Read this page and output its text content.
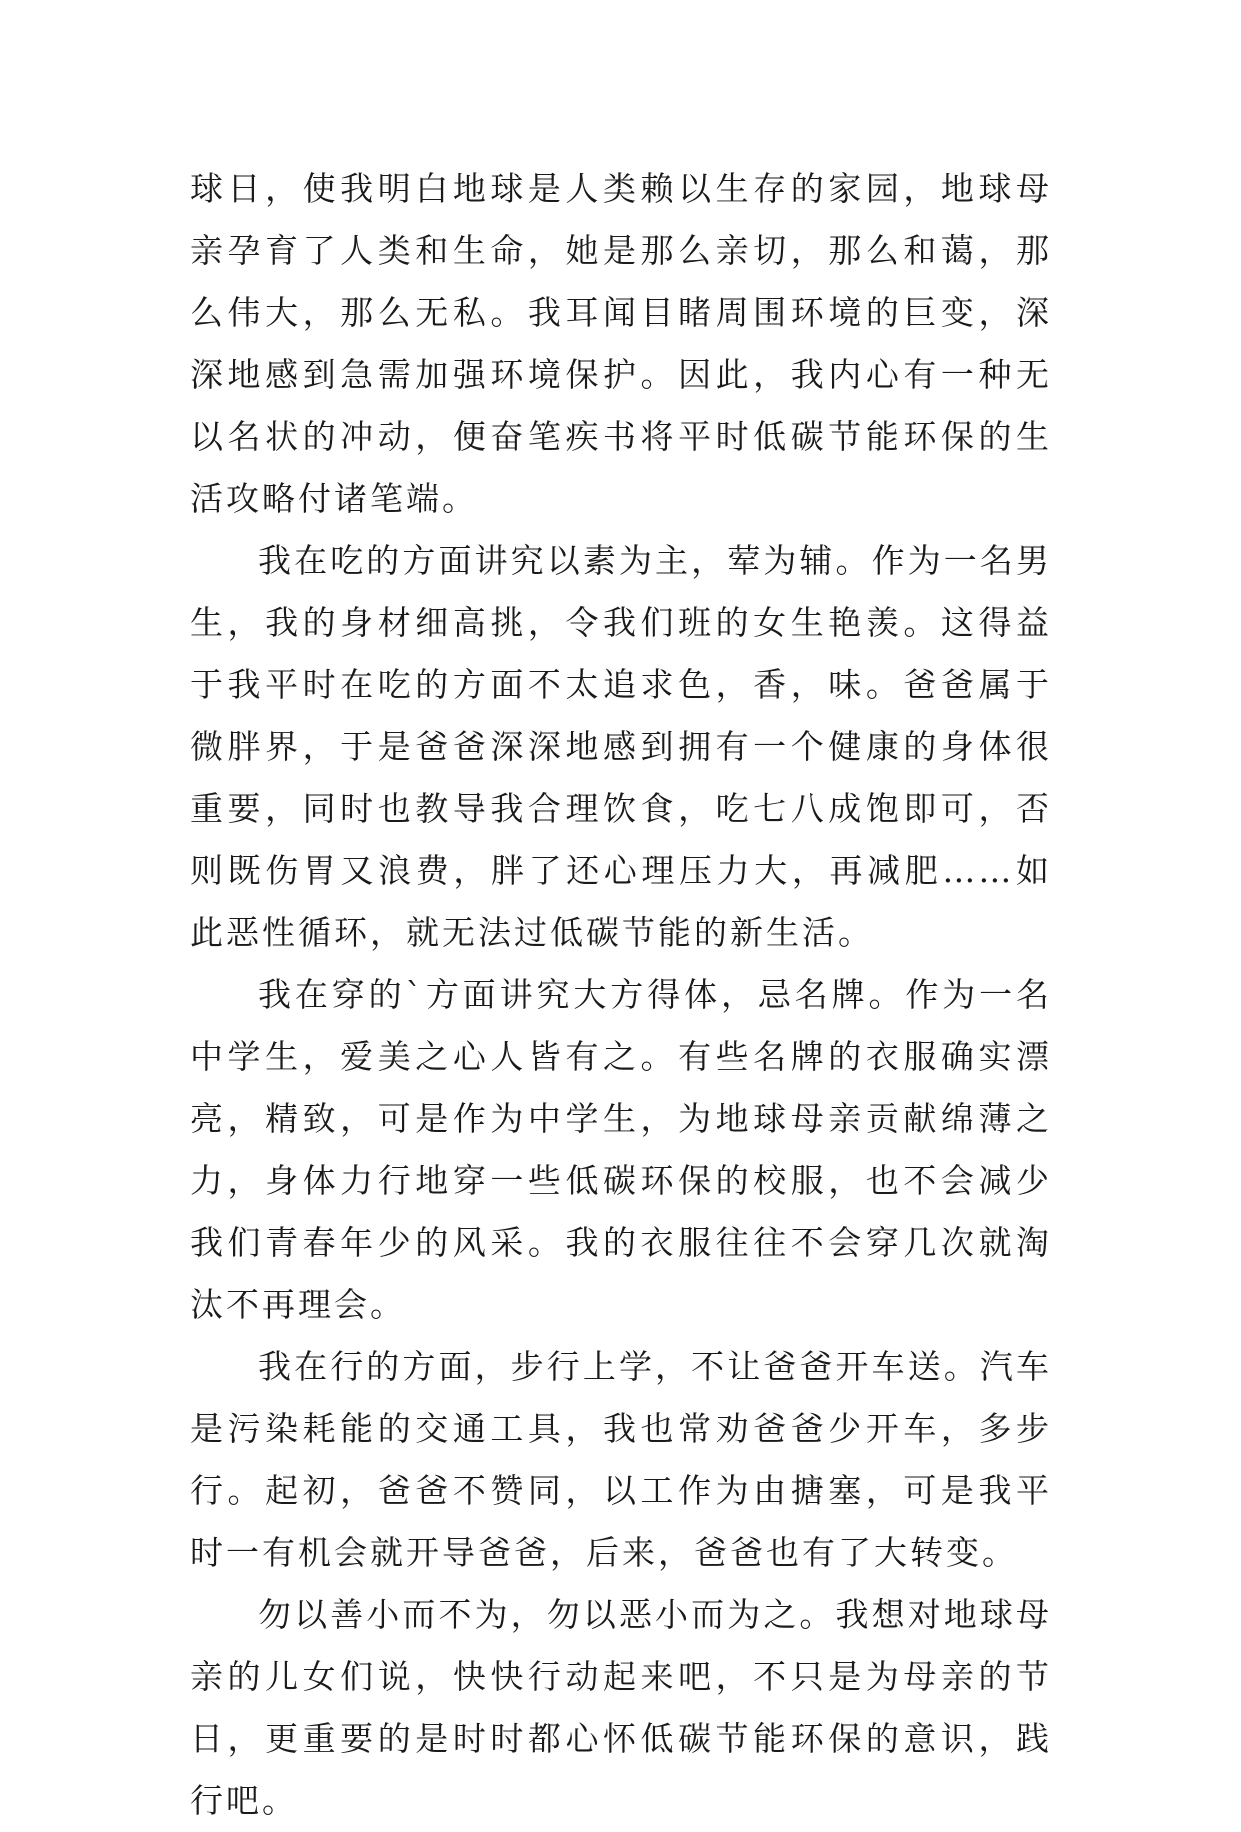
球日，使我明白地球是人类赖以生存的家园，地球母亲孕育了人类和生命，她是那么亲切，那么和蔼，那么伟大，那么无私。我耳闻目睹周围环境的巨变，深深地感到急需加强环境保护。因此，我内心有一种无以名状的冲动，便奋笔疾书将平时低碳节能环保的生活攻略付诸笔端。

我在吃的方面讲究以素为主，荤为辅。作为一名男生，我的身材细高挑，令我们班的女生艳羡。这得益于我平时在吃的方面不太追求色，香，味。爸爸属于微胖界，于是爸爸深深地感到拥有一个健康的身体很重要，同时也教导我合理饮食，吃七八成饱即可，否则既伤胃又浪费，胖了还心理压力大，再减肥……如此恶性循环，就无法过低碳节能的新生活。

我在穿的`方面讲究大方得体，忌名牌。作为一名中学生，爱美之心人皆有之。有些名牌的衣服确实漂亮，精致，可是作为中学生，为地球母亲贡献绵薄之力，身体力行地穿一些低碳环保的校服，也不会减少我们青春年少的风采。我的衣服往往不会穿几次就淘汰不再理会。

我在行的方面，步行上学，不让爸爸开车送。汽车是污染耗能的交通工具，我也常劝爸爸少开车，多步行。起初，爸爸不赞同，以工作为由搪塞，可是我平时一有机会就开导爸爸，后来，爸爸也有了大转变。

勿以善小而不为，勿以恶小而为之。我想对地球母亲的儿女们说，快快行动起来吧，不只是为母亲的节日，更重要的是时时都心怀低碳节能环保的意识，践行吧。
